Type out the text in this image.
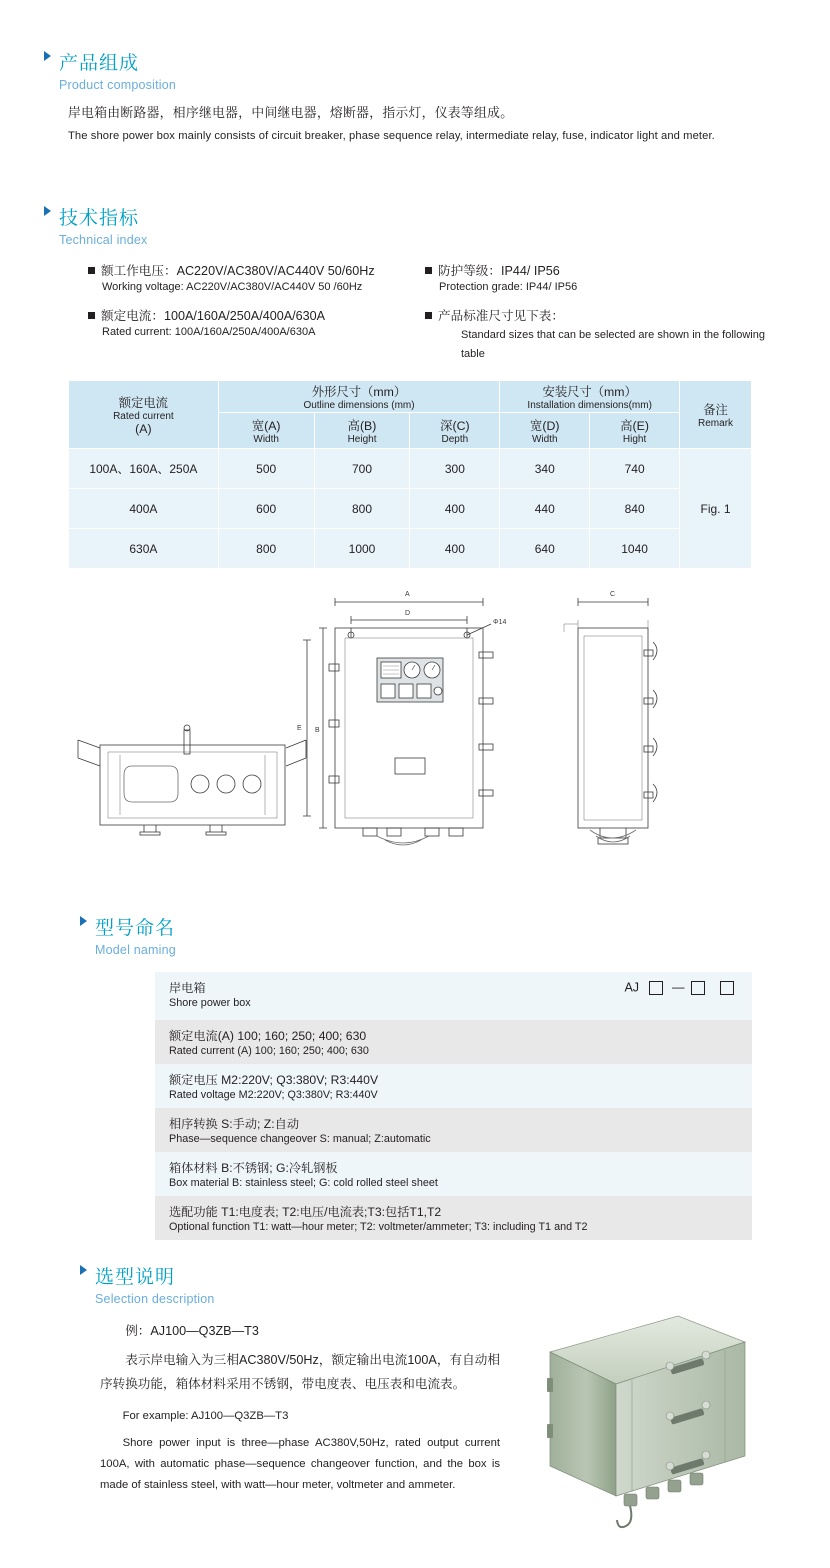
产品组成
Product composition
岸电箱由断路器，相序继电器，中间继电器，熔断器，指示灯，仪表等组成。
The shore power box mainly consists of circuit breaker, phase sequence relay, intermediate relay, fuse, indicator light and meter.
技术指标
Technical index
额工作电压：AC220V/AC380V/AC440V 50/60Hz
Working voltage: AC220V/AC380V/AC440V 50 /60Hz
额定电流：100A/160A/250A/400A/630A
Rated current: 100A/160A/250A/400A/630A
防护等级：IP44/ IP56
Protection grade: IP44/ IP56
产品标准尺寸见下表：
Standard sizes that can be selected are shown in the following table
额定电流
Rated current
(A)	外形尺寸（mm）
Outline dimensions (mm)			安装尺寸（mm）
Installation dimensions(mm)		备注
Remark

	宽(A)
Width	高(B)
Height	深(C)
Depth	宽(D)
Width	高(E)
Hight	

100A、160A、250A	500	700	300	340	740	Fig. 1
400A	600	800	400	440	840	
630A	800	1000	400	640	1040	
A
D
Φ14
B
E
C
型号命名
Model naming
岸电箱
Shore power box
AJ	—
额定电流(A) 100; 160; 250; 400; 630
Rated current (A) 100; 160; 250; 400; 630
额定电压 M2:220V; Q3:380V; R3:440V
Rated voltage M2:220V; Q3:380V; R3:440V
相序转换 S:手动; Z:自动
Phase—sequence changeover S: manual; Z:automatic
箱体材料 B:不锈钢; G:冷轧钢板
Box material B: stainless steel; G: cold rolled steel sheet
选配功能 T1:电度表; T2:电压/电流表;T3:包括T1,T2
Optional function T1: watt—hour meter; T2: voltmeter/ammeter; T3: including T1 and T2
选型说明
Selection description

例：AJ100—Q3ZB—T3

表示岸电输入为三相AC380V/50Hz，额定输出电流100A，有自动相序转换功能，箱体材料采用不锈钢，带电度表、电压表和电流表。

For example: AJ100—Q3ZB—T3

Shore power input is three—phase AC380V,50Hz, rated output current 100A, with automatic phase—sequence changeover function, and the box is made of stainless steel, with watt—hour meter, voltmeter and ammeter.
